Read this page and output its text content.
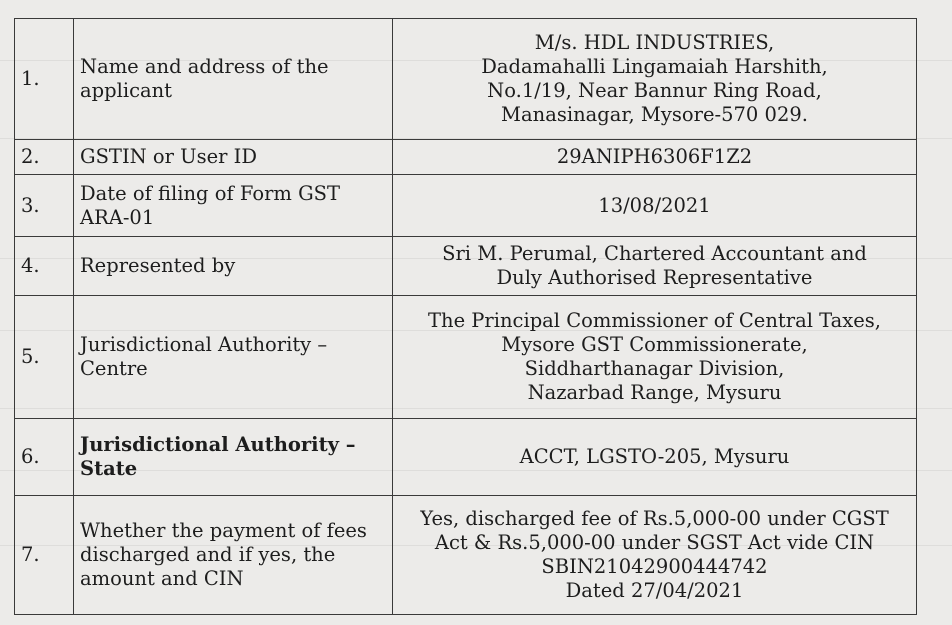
1.	Name and address of the applicant	M/s. HDL INDUSTRIES,
Dadamahalli Lingamaiah Harshith,
No.1/19, Near Bannur Ring Road,
Manasinagar, Mysore-570 029.

2.	GSTIN or User ID	29ANIPH6306F1Z2

3.	Date of filing of Form GST ARA-01	13/08/2021

4.	Represented by	Sri M. Perumal, Chartered Accountant and
Duly Authorised Representative

5.	Jurisdictional Authority – Centre	The Principal Commissioner of Central Taxes,
Mysore GST Commissionerate,
Siddharthanagar Division,
Nazarbad Range, Mysuru

6.	Jurisdictional Authority – State	ACCT, LGSTO-205, Mysuru

7.	Whether the payment of fees discharged and if yes, the amount and CIN	Yes, discharged fee of Rs.5,000-00 under CGST
Act & Rs.5,000-00 under SGST Act vide CIN
SBIN21042900444742
Dated 27/04/2021
